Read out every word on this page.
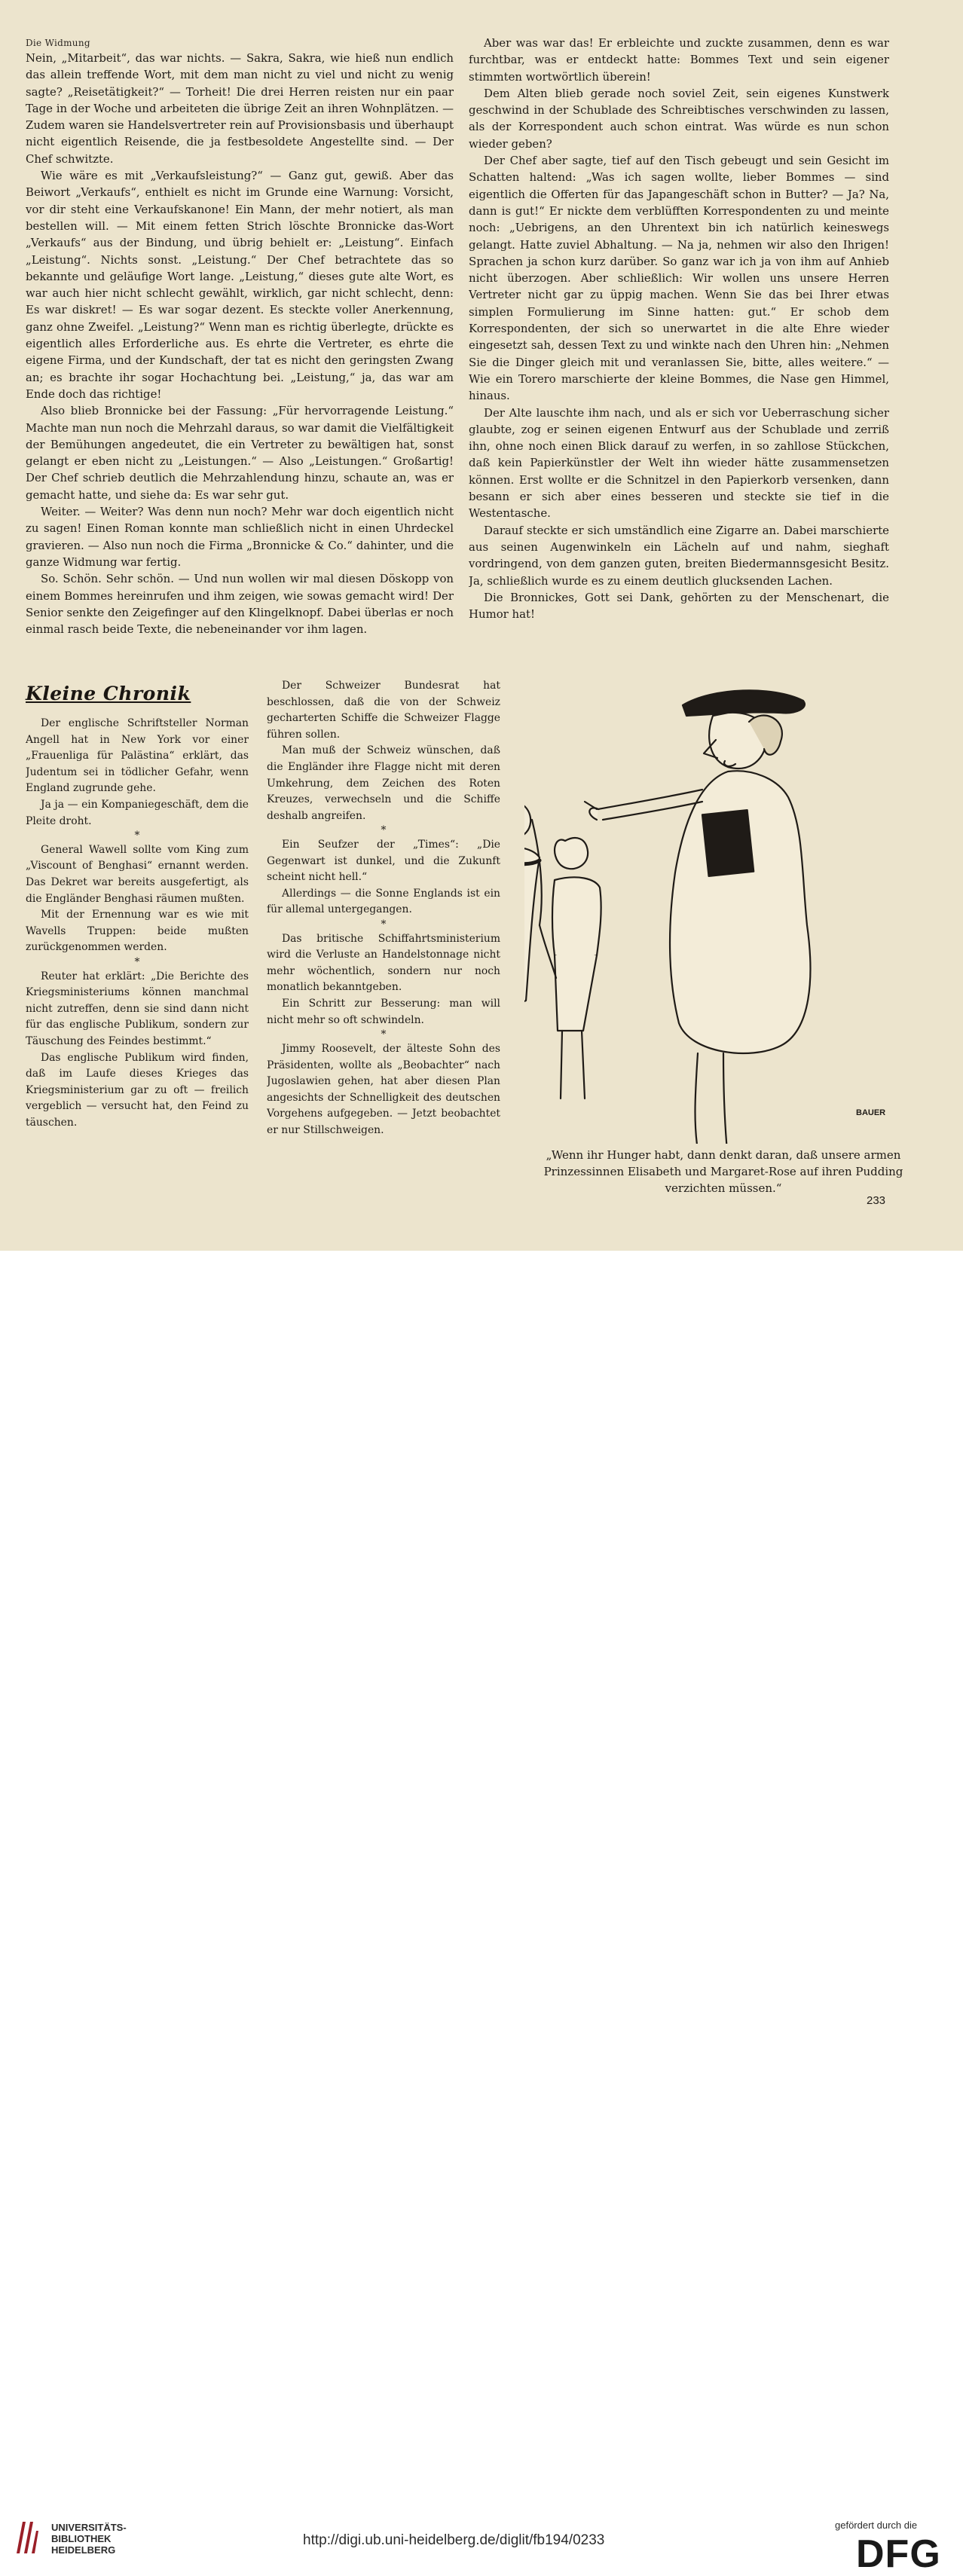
Die Widmung

Nein, „Mitarbeit“, das war nichts. — Sakra, Sakra, wie hieß nun endlich das allein treffende Wort, mit dem man nicht zu viel und nicht zu wenig sagte? „Reisetätigkeit?“ — Torheit! Die drei Herren reisten nur ein paar Tage in der Woche und arbeiteten die übrige Zeit an ihren Wohnplätzen. — Zudem waren sie Handelsvertreter rein auf Provisionsbasis und überhaupt nicht eigentlich Reisende, die ja festbesoldete Angestellte sind. — Der Chef schwitzte.

Wie wäre es mit „Verkaufsleistung?“ — Ganz gut, gewiß. Aber das Beiwort „Verkaufs“, enthielt es nicht im Grunde eine Warnung: Vorsicht, vor dir steht eine Verkaufskanone! Ein Mann, der mehr notiert, als man bestellen will. — Mit einem fetten Strich löschte Bronnicke das-Wort „Verkaufs“ aus der Bindung, und übrig behielt er: „Leistung“. Einfach „Leistung“. Nichts sonst. „Leistung.“ Der Chef betrachtete das so bekannte und geläufige Wort lange. „Leistung,“ dieses gute alte Wort, es war auch hier nicht schlecht gewählt, wirklich, gar nicht schlecht, denn: Es war diskret! — Es war sogar dezent. Es steckte voller Anerkennung, ganz ohne Zweifel. „Leistung?“ Wenn man es richtig überlegte, drückte es eigentlich alles Erforderliche aus. Es ehrte die Vertreter, es ehrte die eigene Firma, und der Kundschaft, der tat es nicht den geringsten Zwang an; es brachte ihr sogar Hochachtung bei. „Leistung,“ ja, das war am Ende doch das richtige!

Also blieb Bronnicke bei der Fassung: „Für hervorragende Leistung.“ Machte man nun noch die Mehrzahl daraus, so war damit die Vielfältigkeit der Bemühungen angedeutet, die ein Vertreter zu bewältigen hat, sonst gelangt er eben nicht zu „Leistungen.“ — Also „Leistungen.“ Großartig! Der Chef schrieb deutlich die Mehrzahlendung hinzu, schaute an, was er gemacht hatte, und siehe da: Es war sehr gut.

Weiter. — Weiter? Was denn nun noch? Mehr war doch eigentlich nicht zu sagen! Einen Roman konnte man schließlich nicht in einen Uhrdeckel gravieren. — Also nun noch die Firma „Bronnicke & Co.“ dahinter, und die ganze Widmung war fertig.

So. Schön. Sehr schön. — Und nun wollen wir mal diesen Döskopp von einem Bommes hereinrufen und ihm zeigen, wie sowas gemacht wird! Der Senior senkte den Zeigefinger auf den Klingelknopf. Dabei überlas er noch einmal rasch beide Texte, die nebeneinander vor ihm lagen.

Aber was war das! Er erbleichte und zuckte zusammen, denn es war furchtbar, was er entdeckt hatte: Bommes Text und sein eigener stimmten wortwörtlich überein!

Dem Alten blieb gerade noch soviel Zeit, sein eigenes Kunstwerk geschwind in der Schublade des Schreibtisches verschwinden zu lassen, als der Korrespondent auch schon eintrat. Was würde es nun schon wieder geben?

Der Chef aber sagte, tief auf den Tisch gebeugt und sein Gesicht im Schatten haltend: „Was ich sagen wollte, lieber Bommes — sind eigentlich die Offerten für das Japangeschäft schon in Butter? — Ja? Na, dann is gut!“ Er nickte dem verblüfften Korrespondenten zu und meinte noch: „Uebrigens, an den Uhrentext bin ich natürlich keineswegs gelangt. Hatte zuviel Abhaltung. — Na ja, nehmen wir also den Ihrigen! Sprachen ja schon kurz darüber. So ganz war ich ja von ihm auf Anhieb nicht überzogen. Aber schließlich: Wir wollen uns unsere Herren Vertreter nicht gar zu üppig machen. Wenn Sie das bei Ihrer etwas simplen Formulierung im Sinne hatten: gut.“ Er schob dem Korrespondenten, der sich so unerwartet in die alte Ehre wieder eingesetzt sah, dessen Text zu und winkte nach den Uhren hin: „Nehmen Sie die Dinger gleich mit und veranlassen Sie, bitte, alles weitere.“ — Wie ein Torero marschierte der kleine Bommes, die Nase gen Himmel, hinaus.

Der Alte lauschte ihm nach, und als er sich vor Ueberraschung sicher glaubte, zog er seinen eigenen Entwurf aus der Schublade und zerriß ihn, ohne noch einen Blick darauf zu werfen, in so zahllose Stückchen, daß kein Papierkünstler der Welt ihn wieder hätte zusammensetzen können. Erst wollte er die Schnitzel in den Papierkorb versenken, dann besann er sich aber eines besseren und steckte sie tief in die Westentasche.

Darauf steckte er sich umständlich eine Zigarre an. Dabei marschierte aus seinen Augenwinkeln ein Lächeln auf und nahm, sieghaft vordringend, von dem ganzen guten, breiten Biedermannsgesicht Besitz. Ja, schließlich wurde es zu einem deutlich glucksenden Lachen.

Die Bronnickes, Gott sei Dank, gehörten zu der Menschenart, die Humor hat!

Kleine Chronik

Der englische Schriftsteller Norman Angell hat in New York vor einer „Frauenliga für Palästina“ erklärt, das Judentum sei in tödlicher Gefahr, wenn England zugrunde gehe.

Ja ja — ein Kompaniegeschäft, dem die Pleite droht.

*

General Wawell sollte vom King zum „Viscount of Benghasi“ ernannt werden. Das Dekret war bereits ausgefertigt, als die Engländer Benghasi räumen mußten.

Mit der Ernennung war es wie mit Wavells Truppen: beide mußten zurückgenommen werden.

*

Reuter hat erklärt: „Die Berichte des Kriegsministeriums können manchmal nicht zutreffen, denn sie sind dann nicht für das englische Publikum, sondern zur Täuschung des Feindes bestimmt.“

Das englische Publikum wird finden, daß im Laufe dieses Krieges das Kriegsministerium gar zu oft — freilich vergeblich — versucht hat, den Feind zu täuschen.

Der Schweizer Bundesrat hat beschlossen, daß die von der Schweiz gecharterten Schiffe die Schweizer Flagge führen sollen.

Man muß der Schweiz wünschen, daß die Engländer ihre Flagge nicht mit deren Umkehrung, dem Zeichen des Roten Kreuzes, verwechseln und die Schiffe deshalb angreifen.

*

Ein Seufzer der „Times“: „Die Gegenwart ist dunkel, und die Zukunft scheint nicht hell.“

Allerdings — die Sonne Englands ist ein für allemal untergegangen.

*

Das britische Schiffahrtsministerium wird die Verluste an Handelstonnage nicht mehr wöchentlich, sondern nur noch monatlich bekanntgeben.

Ein Schritt zur Besserung: man will nicht mehr so oft schwindeln.

*

Jimmy Roosevelt, der älteste Sohn des Präsidenten, wollte als „Beobachter“ nach Jugoslawien gehen, hat aber diesen Plan angesichts der Schnelligkeit des deutschen Vorgehens aufgegeben. — Jetzt beobachtet er nur Stillschweigen.

BAUER
„Wenn ihr Hunger habt, dann denkt daran, daß unsere armen Prinzessinnen Elisabeth und Margaret-Rose auf ihren Pudding verzichten müssen.“
233
UNIVERSITÄTS-
BIBLIOTHEK
HEIDELBERG
http://digi.ub.uni-heidelberg.de/diglit/fb194/0233
gefördert durch die
DFG
